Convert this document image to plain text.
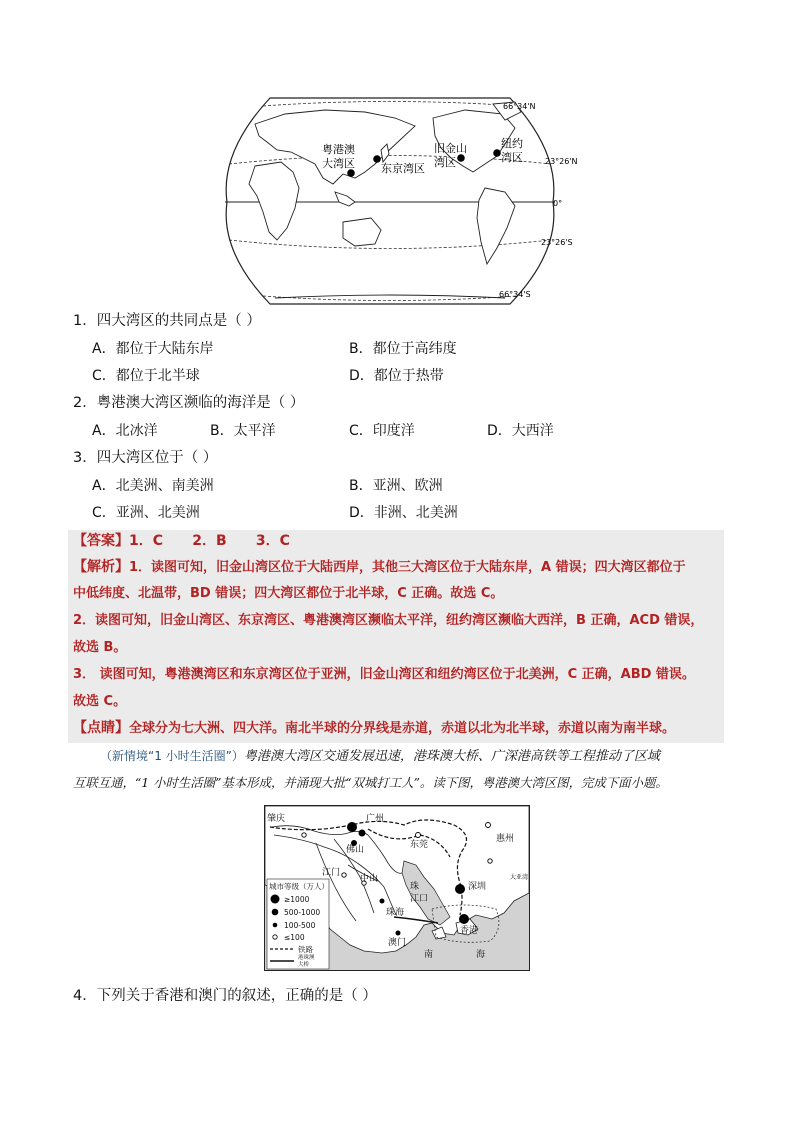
粤港澳
大湾区 东京湾区
旧金山
湾区
纽约
湾区
66°34'N
23°26'N
0°
23°26'S
66°34'S
1．四大湾区的共同点是（ ）
A．都位于大陆东岸	B．都位于高纬度
C．都位于北半球	D．都位于热带
2．粤港澳大湾区濒临的海洋是（ ）
A．北冰洋	B．太平洋	C．印度洋	D．大西洋
3．四大湾区位于（ ）
A．北美洲、南美洲	B．亚洲、欧洲
C．亚洲、北美洲	D．非洲、北美洲
【答案】1．C      2．B      3．C
【解析】1．读图可知，旧金山湾区位于大陆西岸，其他三大湾区位于大陆东岸，A 错误；四大湾区都位于
中低纬度、北温带，BD 错误；四大湾区都位于北半球，C 正确。故选 C。
2．读图可知，旧金山湾区、东京湾区、粤港澳湾区濒临太平洋，纽约湾区濒临大西洋，B 正确，ACD 错误，
故选 B。
3． 读图可知，粤港澳湾区和东京湾区位于亚洲，旧金山湾区和纽约湾区位于北美洲，C 正确，ABD 错误。
故选 C。
【点睛】全球分为七大洲、四大洋。南北半球的分界线是赤道，赤道以北为北半球，赤道以南为南半球。
（新情境“1 小时生活圈”）粤港澳大湾区交通发展迅速，港珠澳大桥、广深港高铁等工程推动了区域
互联互通，“1 小时生活圈”基本形成，并涌现大批“双城打工人”。读下图，粤港澳大湾区图，完成下面小题。
肇庆	广州
佛山	东莞
惠州
江门
中山
珠
江口
深圳
珠海
香港
澳门
南	海
大亚湾
城市等级（万人）
≥1000
500-1000
100-500
≤100
铁路
港珠澳
大桥
4．下列关于香港和澳门的叙述，正确的是（ ）
